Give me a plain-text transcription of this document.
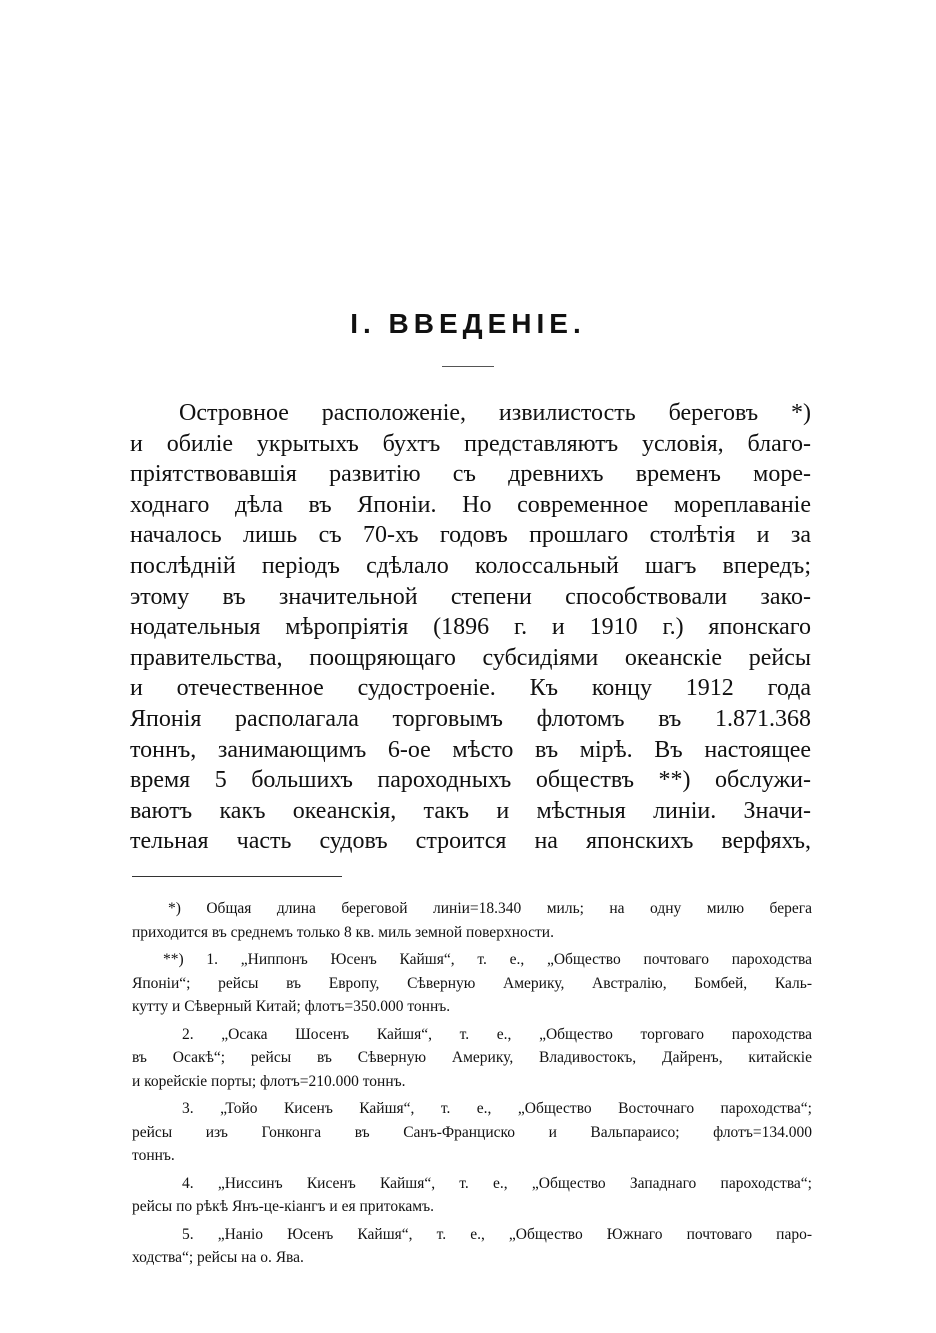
I. ВВЕДЕНІЕ.
Островное расположеніе, извилистость береговъ *)
и обиліе укрытыхъ бухтъ представляютъ условія, благо-
пріятствовавшія развитію съ древнихъ временъ море-
ходнаго дѣла въ Японіи. Но современное мореплаваніе
началось лишь съ 70-хъ годовъ прошлаго столѣтія и за
послѣдній періодъ сдѣлало колоссальный шагъ впередъ;
этому въ значительной степени способствовали зако-
нодательныя мѣропріятія (1896 г. и 1910 г.) японскаго
правительства, поощряющаго субсидіями океанскіе рейсы
и отечественное судостроеніе. Къ концу 1912 года
Японія располагала торговымъ флотомъ въ 1.871.368
тоннъ, занимающимъ 6-ое мѣсто въ мірѣ. Въ настоящее
время 5 большихъ пароходныхъ обществъ **) обслужи-
ваютъ какъ океанскія, такъ и мѣстныя линіи. Значи-
тельная часть судовъ строится на японскихъ верфяхъ,
*) Общая длина береговой линіи=18.340 миль; на одну милю берега
приходится въ среднемъ только 8 кв. миль земной поверхности.
**) 1. „Ниппонъ Юсенъ Кайшя“, т. е., „Общество почтоваго пароходства
Японіи“; рейсы въ Европу, Сѣверную Америку, Австралію, Бомбей, Каль-
кутту и Сѣверный Китай; флотъ=350.000 тоннъ.
2. „Осака Шосенъ Кайшя“, т. е., „Общество торговаго пароходства
въ Осакѣ“; рейсы въ Сѣверную Америку, Владивостокъ, Дайренъ, китайскіе
и корейскіе порты; флотъ=210.000 тоннъ.
3. „Тойо Кисенъ Кайшя“, т. е., „Общество Восточнаго пароходства“;
рейсы изъ Гонконга въ Санъ-Франциско и Вальпараисо; флотъ=134.000
тоннъ.
4. „Ниссинъ Кисенъ Кайшя“, т. е., „Общество Западнаго пароходства“;
рейсы по рѣкѣ Янъ-це-кіангъ и ея притокамъ.
5. „Наніо Юсенъ Кайшя“, т. е., „Общество Южнаго почтоваго паро-
ходства“; рейсы на о. Ява.
